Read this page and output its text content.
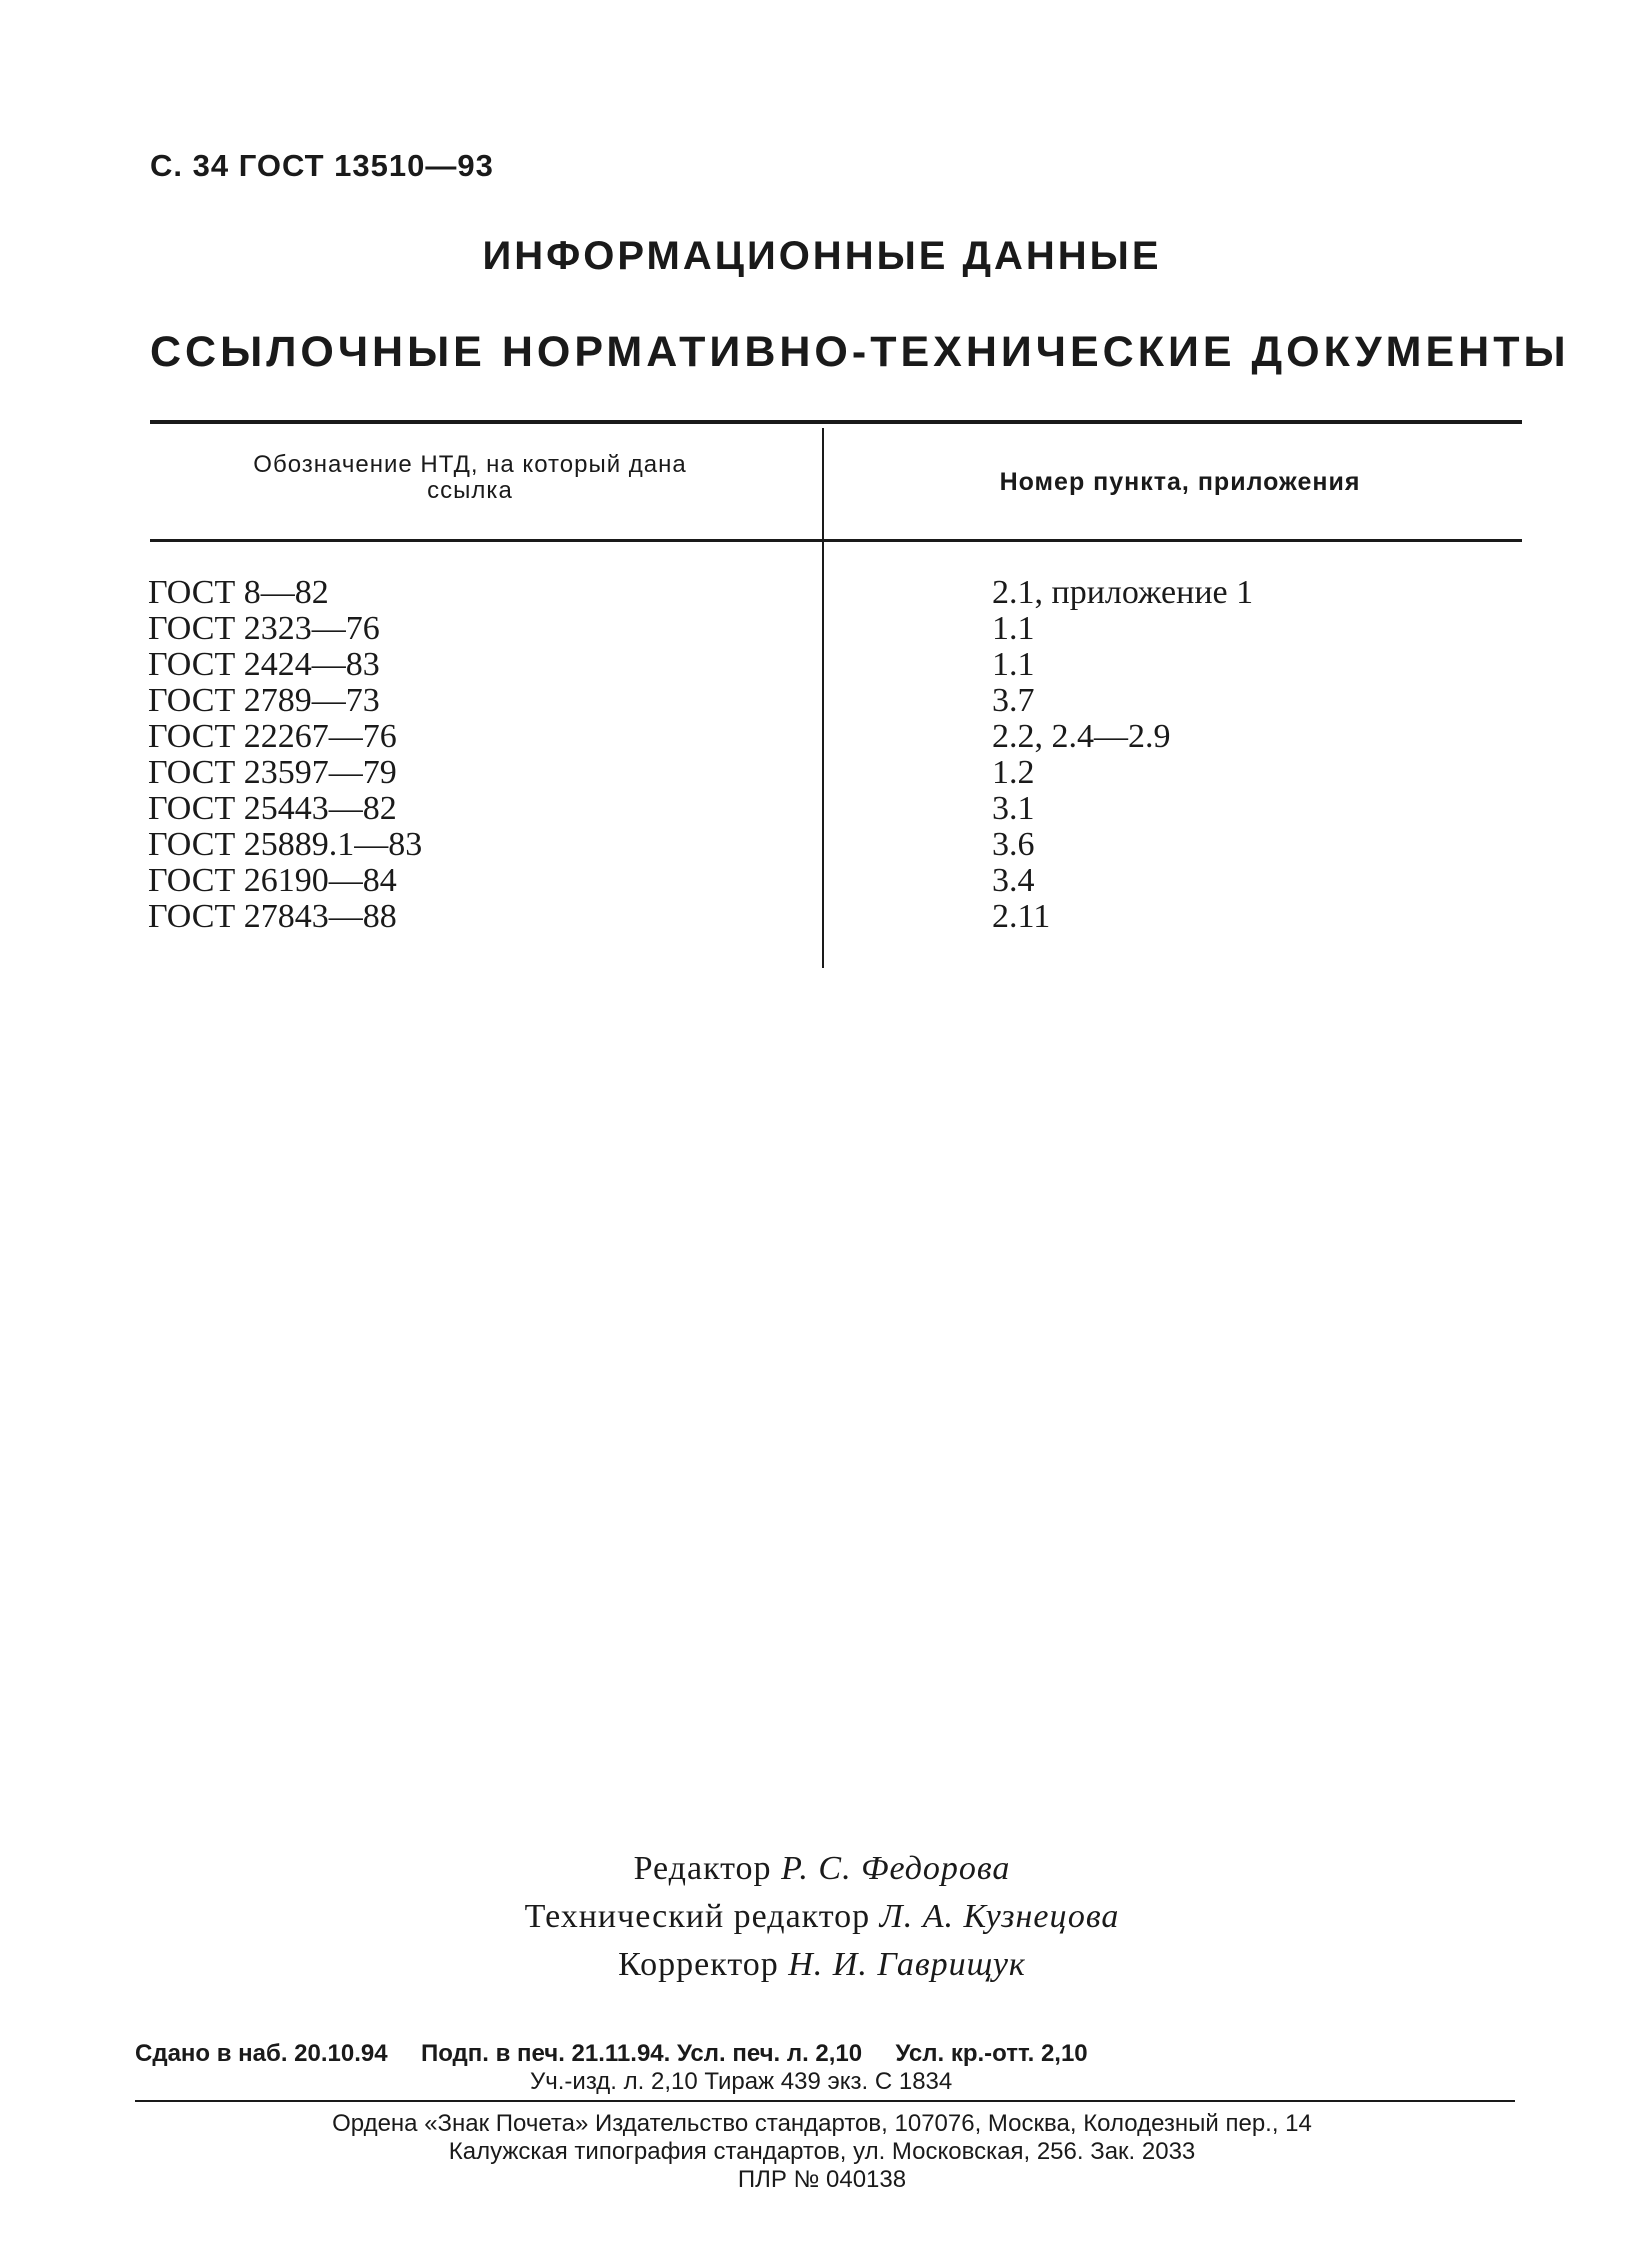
С. 34 ГОСТ 13510—93
ИНФОРМАЦИОННЫЕ ДАННЫЕ
ССЫЛОЧНЫЕ НОРМАТИВНО-ТЕХНИЧЕСКИЕ ДОКУМЕНТЫ
Обозначение НТД, на который дана
ссылка	Номер пункта, приложения
ГОСТ 8—82
ГОСТ 2323—76
ГОСТ 2424—83
ГОСТ 2789—73
ГОСТ 22267—76
ГОСТ 23597—79
ГОСТ 25443—82
ГОСТ 25889.1—83
ГОСТ 26190—84
ГОСТ 27843—88
2.1, приложение 1
1.1
1.1
3.7
2.2, 2.4—2.9
1.2
3.1
3.6
3.4
2.11
Редактор Р. С. Федорова
Технический редактор Л. А. Кузнецова
Корректор Н. И. Гаврищук
Сдано в наб. 20.10.94 Подп. в печ. 21.11.94. Усл. печ. л. 2,10 Усл. кр.-отт. 2,10
Уч.-изд. л. 2,10 Тираж 439 экз. С 1834
Ордена «Знак Почета» Издательство стандартов, 107076, Москва, Колодезный пер., 14
Калужская типография стандартов, ул. Московская, 256. Зак. 2033
ПЛР № 040138
